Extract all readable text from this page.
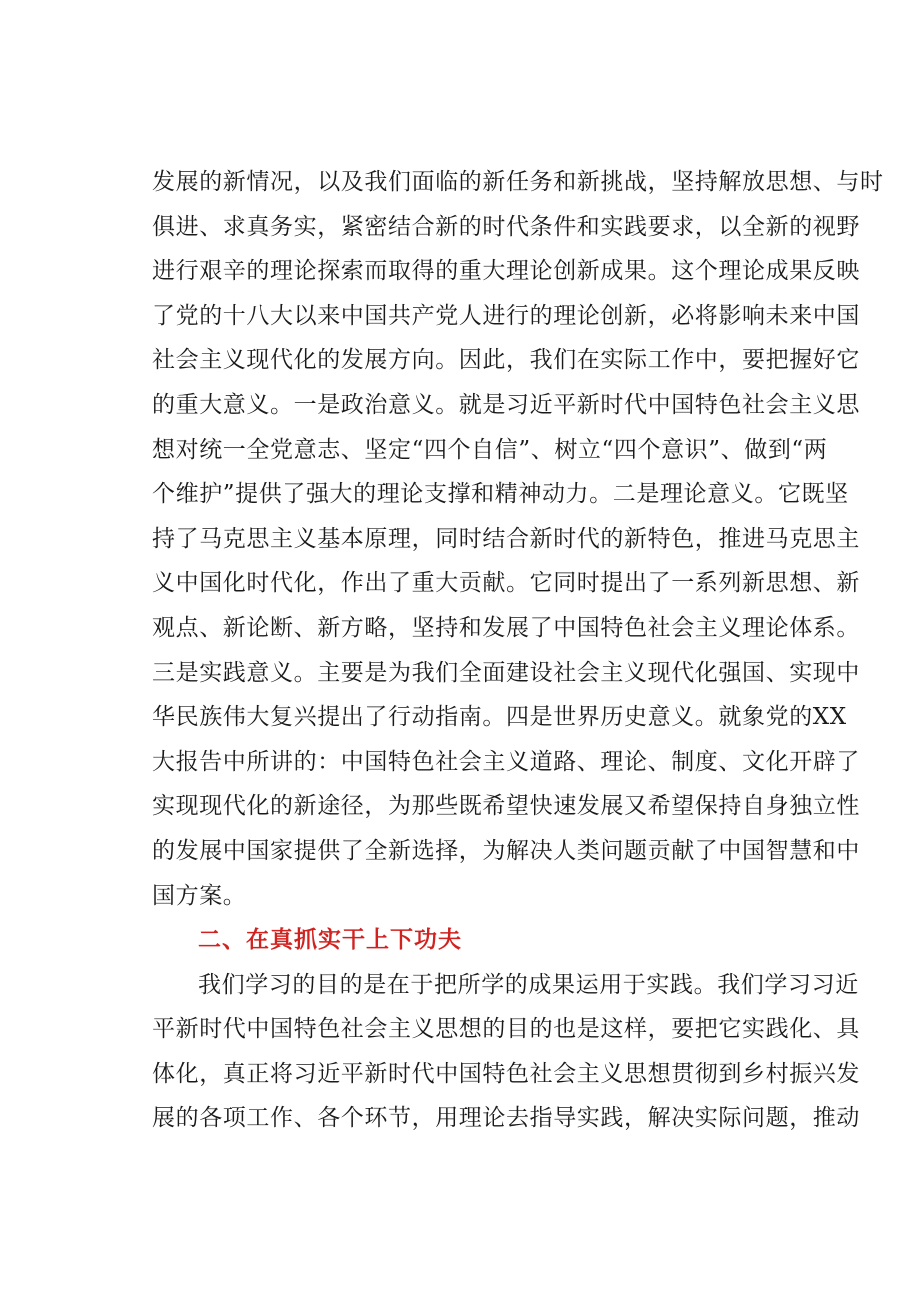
发展的新情况，以及我们面临的新任务和新挑战，坚持解放思想、与时
俱进、求真务实，紧密结合新的时代条件和实践要求，以全新的视野
进行艰辛的理论探索而取得的重大理论创新成果。这个理论成果反映
了党的十八大以来中国共产党人进行的理论创新，必将影响未来中国
社会主义现代化的发展方向。因此，我们在实际工作中，要把握好它
的重大意义。一是政治意义。就是习近平新时代中国特色社会主义思
想对统一全党意志、坚定“四个自信”、树立“四个意识”、做到“两
个维护”提供了强大的理论支撑和精神动力。二是理论意义。它既坚
持了马克思主义基本原理，同时结合新时代的新特色，推进马克思主
义中国化时代化，作出了重大贡献。它同时提出了一系列新思想、新
观点、新论断、新方略，坚持和发展了中国特色社会主义理论体系。
三是实践意义。主要是为我们全面建设社会主义现代化强国、实现中
华民族伟大复兴提出了行动指南。四是世界历史意义。就象党的XX
大报告中所讲的：中国特色社会主义道路、理论、制度、文化开辟了
实现现代化的新途径，为那些既希望快速发展又希望保持自身独立性
的发展中国家提供了全新选择，为解决人类问题贡献了中国智慧和中
国方案。
二、在真抓实干上下功夫
我们学习的目的是在于把所学的成果运用于实践。我们学习习近
平新时代中国特色社会主义思想的目的也是这样，要把它实践化、具
体化，真正将习近平新时代中国特色社会主义思想贯彻到乡村振兴发
展的各项工作、各个环节，用理论去指导实践，解决实际问题，推动
